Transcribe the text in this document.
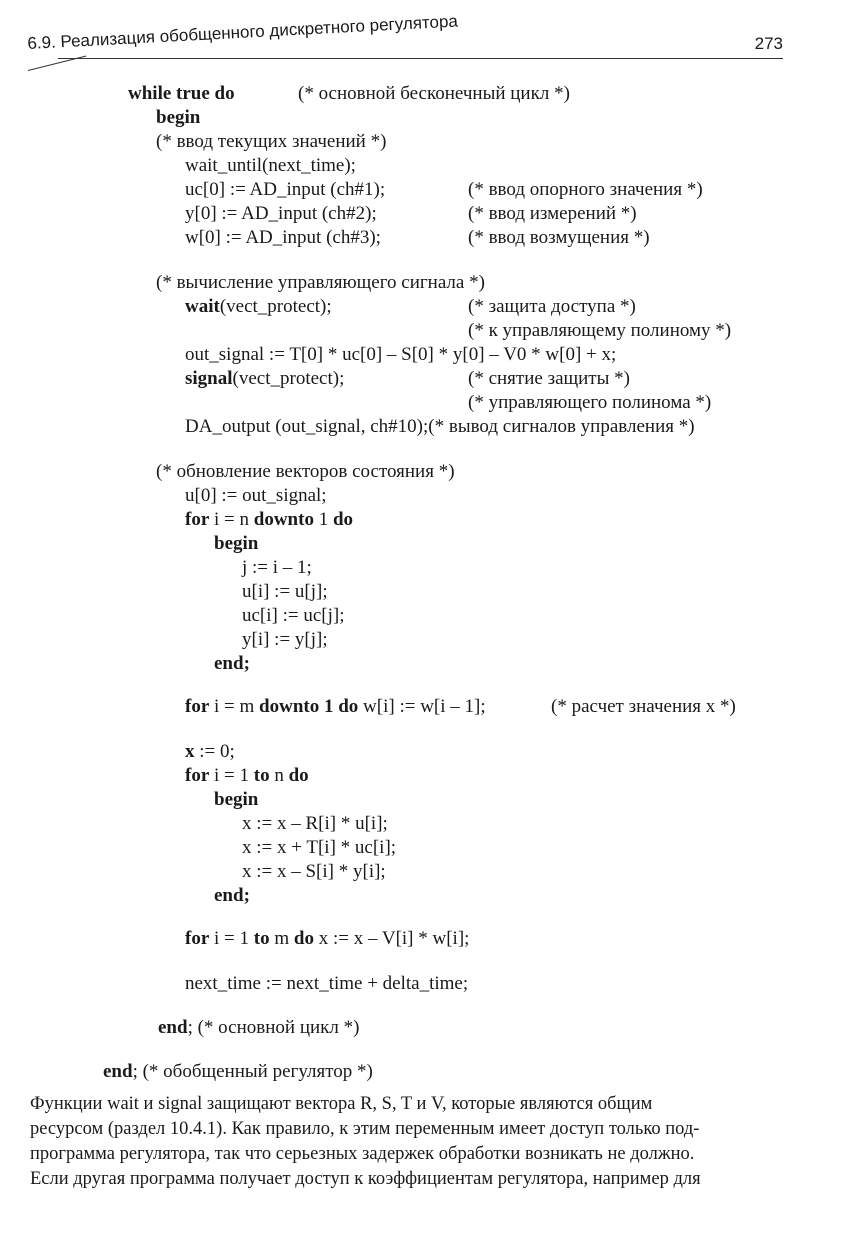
6.9. Реализация обобщенного дискретного регулятора	273
while true do	(* основной бесконечный цикл *)
begin
(* ввод текущих значений *)
wait_until(next_time);
uc[0] := AD_input (ch#1);	(* ввод опорного значения *)
y[0] := AD_input (ch#2);	(* ввод измерений *)
w[0] := AD_input (ch#3);	(* ввод возмущения *)
(* вычисление управляющего сигнала *)
wait(vect_protect);	(* защита доступа *)
(* к управляющему полиному *)
out_signal := T[0] * uc[0] – S[0] * y[0] – V0 * w[0] + x;
signal(vect_protect);	(* снятие защиты *)
(* управляющего полинома *)
DA_output (out_signal, ch#10);(* вывод сигналов управления *)
(* обновление векторов состояния *)
u[0] := out_signal;
for i = n downto 1 do
begin
j := i – 1;
u[i] := u[j];
uc[i] := uc[j];
y[i] := y[j];
end;
for i = m downto 1 do w[i] := w[i – 1];	(* расчет значения x *)
x := 0;
for i = 1 to n do
begin
x := x – R[i] * u[i];
x := x + T[i] * uc[i];
x := x – S[i] * y[i];
end;
for i = 1 to m do x := x – V[i] * w[i];
next_time := next_time + delta_time;
end; (* основной цикл *)
end; (* обобщенный регулятор *)
Функции wait и signal защищают вектора R, S, T и V, которые являются общим
ресурсом (раздел 10.4.1). Как правило, к этим переменным имеет доступ только под-
программа регулятора, так что серьезных задержек обработки возникать не должно.
Если другая программа получает доступ к коэффициентам регулятора, например для
